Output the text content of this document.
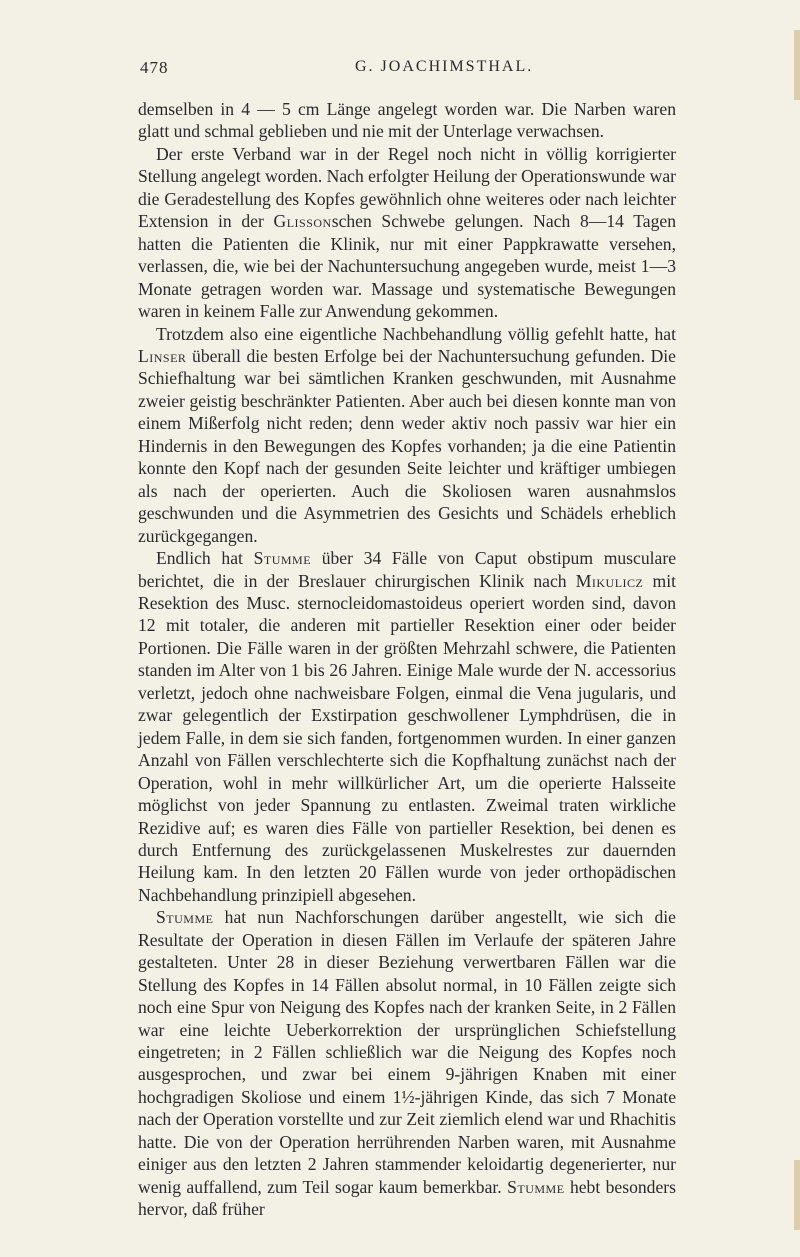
478	G. JOACHIMSTHAL.

demselben in 4 — 5 cm Länge angelegt worden war. Die Narben waren glatt und schmal geblieben und nie mit der Unterlage verwachsen.

Der erste Verband war in der Regel noch nicht in völlig korrigierter Stellung angelegt worden. Nach erfolgter Heilung der Operationswunde war die Geradestellung des Kopfes gewöhnlich ohne weiteres oder nach leichter Extension in der Glissonschen Schwebe gelungen. Nach 8—14 Tagen hatten die Patienten die Klinik, nur mit einer Pappkrawatte versehen, verlassen, die, wie bei der Nachuntersuchung angegeben wurde, meist 1—3 Monate getragen worden war. Massage und systematische Bewegungen waren in keinem Falle zur Anwendung gekommen.

Trotzdem also eine eigentliche Nachbehandlung völlig gefehlt hatte, hat Linser überall die besten Erfolge bei der Nachuntersuchung gefunden. Die Schiefhaltung war bei sämtlichen Kranken geschwunden, mit Ausnahme zweier geistig beschränkter Patienten. Aber auch bei diesen konnte man von einem Mißerfolg nicht reden; denn weder aktiv noch passiv war hier ein Hindernis in den Bewegungen des Kopfes vorhanden; ja die eine Patientin konnte den Kopf nach der gesunden Seite leichter und kräftiger umbiegen als nach der operierten. Auch die Skoliosen waren ausnahmslos geschwunden und die Asymmetrien des Gesichts und Schädels erheblich zurückgegangen.

Endlich hat Stumme über 34 Fälle von Caput obstipum musculare berichtet, die in der Breslauer chirurgischen Klinik nach Mikulicz mit Resektion des Musc. sternocleidomastoideus operiert worden sind, davon 12 mit totaler, die anderen mit partieller Resektion einer oder beider Portionen. Die Fälle waren in der größten Mehrzahl schwere, die Patienten standen im Alter von 1 bis 26 Jahren. Einige Male wurde der N. accessorius verletzt, jedoch ohne nachweisbare Folgen, einmal die Vena jugularis, und zwar gelegentlich der Exstirpation geschwollener Lymphdrüsen, die in jedem Falle, in dem sie sich fanden, fortgenommen wurden. In einer ganzen Anzahl von Fällen verschlechterte sich die Kopfhaltung zunächst nach der Operation, wohl in mehr willkürlicher Art, um die operierte Halsseite möglichst von jeder Spannung zu entlasten. Zweimal traten wirkliche Rezidive auf; es waren dies Fälle von partieller Resektion, bei denen es durch Entfernung des zurückgelassenen Muskelrestes zur dauernden Heilung kam. In den letzten 20 Fällen wurde von jeder orthopädischen Nachbehandlung prinzipiell abgesehen.

Stumme hat nun Nachforschungen darüber angestellt, wie sich die Resultate der Operation in diesen Fällen im Verlaufe der späteren Jahre gestalteten. Unter 28 in dieser Beziehung verwertbaren Fällen war die Stellung des Kopfes in 14 Fällen absolut normal, in 10 Fällen zeigte sich noch eine Spur von Neigung des Kopfes nach der kranken Seite, in 2 Fällen war eine leichte Ueberkorrektion der ursprünglichen Schiefstellung eingetreten; in 2 Fällen schließlich war die Neigung des Kopfes noch ausgesprochen, und zwar bei einem 9-jährigen Knaben mit einer hochgradigen Skoliose und einem 1½-jährigen Kinde, das sich 7 Monate nach der Operation vorstellte und zur Zeit ziemlich elend war und Rhachitis hatte. Die von der Operation herrührenden Narben waren, mit Ausnahme einiger aus den letzten 2 Jahren stammender keloidartig degenerierter, nur wenig auffallend, zum Teil sogar kaum bemerkbar. Stumme hebt besonders hervor, daß früher
